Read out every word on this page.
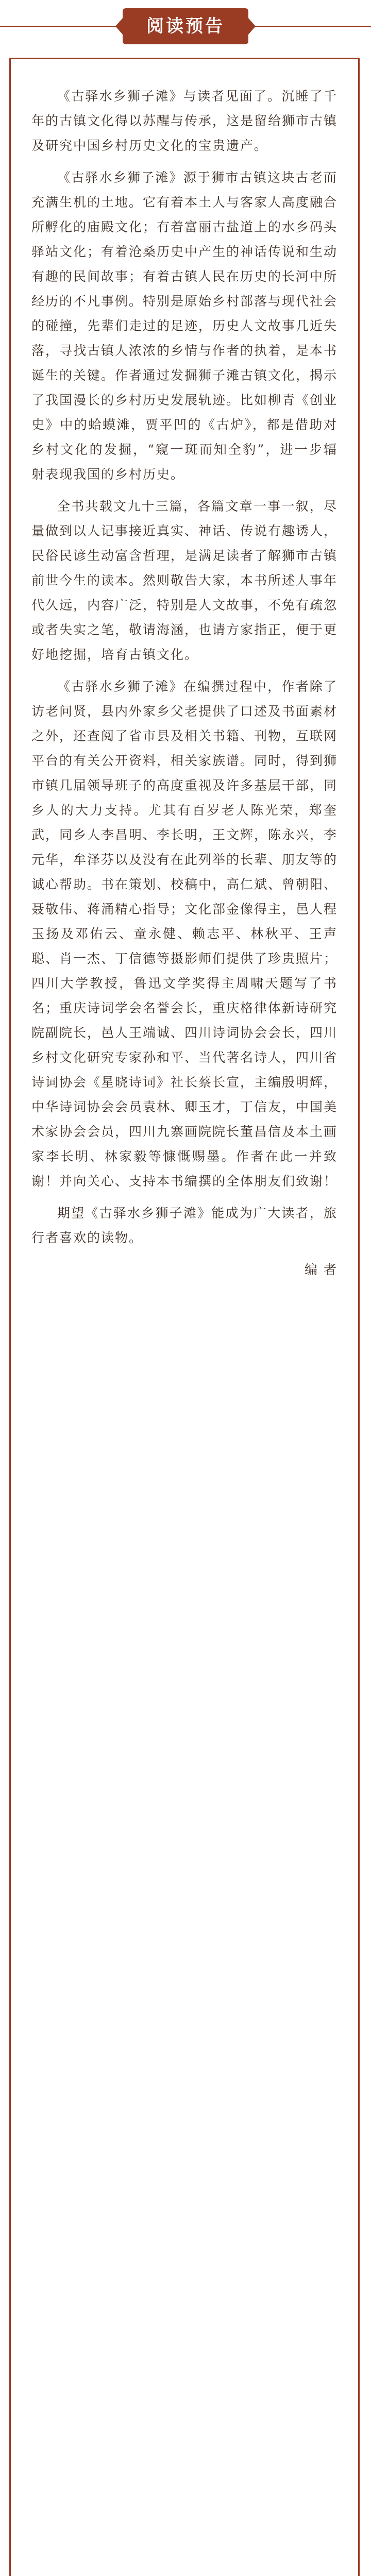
阅读预告

《古驿水乡狮子滩》与读者见面了。沉睡了千年的古镇文化得以苏醒与传承，这是留给狮市古镇及研究中国乡村历史文化的宝贵遗产。

《古驿水乡狮子滩》源于狮市古镇这块古老而充满生机的土地。它有着本土人与客家人高度融合所孵化的庙殿文化；有着富丽古盐道上的水乡码头驿站文化；有着沧桑历史中产生的神话传说和生动有趣的民间故事；有着古镇人民在历史的长河中所经历的不凡事例。特别是原始乡村部落与现代社会的碰撞，先辈们走过的足迹，历史人文故事几近失落，寻找古镇人浓浓的乡情与作者的执着，是本书诞生的关键。作者通过发掘狮子滩古镇文化，揭示了我国漫长的乡村历史发展轨迹。比如柳青《创业史》中的蛤蟆滩，贾平凹的《古炉》，都是借助对乡村文化的发掘，“窥一斑而知全豹”，进一步辐射表现我国的乡村历史。

全书共载文九十三篇，各篇文章一事一叙，尽量做到以人记事接近真实、神话、传说有趣诱人，民俗民谚生动富含哲理，是满足读者了解狮市古镇前世今生的读本。然则敬告大家，本书所述人事年代久远，内容广泛，特别是人文故事，不免有疏忽或者失实之笔，敬请海涵，也请方家指正，便于更好地挖掘，培育古镇文化。

《古驿水乡狮子滩》在编撰过程中，作者除了访老问贤，县内外家乡父老提供了口述及书面素材之外，还查阅了省市县及相关书籍、刊物，互联网平台的有关公开资料，相关家族谱。同时，得到狮市镇几届领导班子的高度重视及许多基层干部，同乡人的大力支持。尤其有百岁老人陈光荣，郑奎武，同乡人李昌明、李长明，王文辉，陈永兴，李元华，牟泽芬以及没有在此列举的长辈、朋友等的诚心帮助。书在策划、校稿中，高仁斌、曾朝阳、聂敬伟、蒋涌精心指导；文化部金像得主，邑人程玉扬及邓佑云、童永健、赖志平、林秋平、王声聪、肖一杰、丁信德等摄影师们提供了珍贵照片；四川大学教授，鲁迅文学奖得主周啸天题写了书名；重庆诗词学会名誉会长，重庆格律体新诗研究院副院长，邑人王端诚、四川诗词协会会长，四川乡村文化研究专家孙和平、当代著名诗人，四川省诗词协会《星晓诗词》社长蔡长宣，主编殷明辉，中华诗词协会会员袁林、卿玉才，丁信友，中国美术家协会会员，四川九寨画院院长董昌信及本土画家李长明、林家毅等慷慨赐墨。作者在此一并致谢！并向关心、支持本书编撰的全体朋友们致谢！

期望《古驿水乡狮子滩》能成为广大读者，旅行者喜欢的读物。

编 者
